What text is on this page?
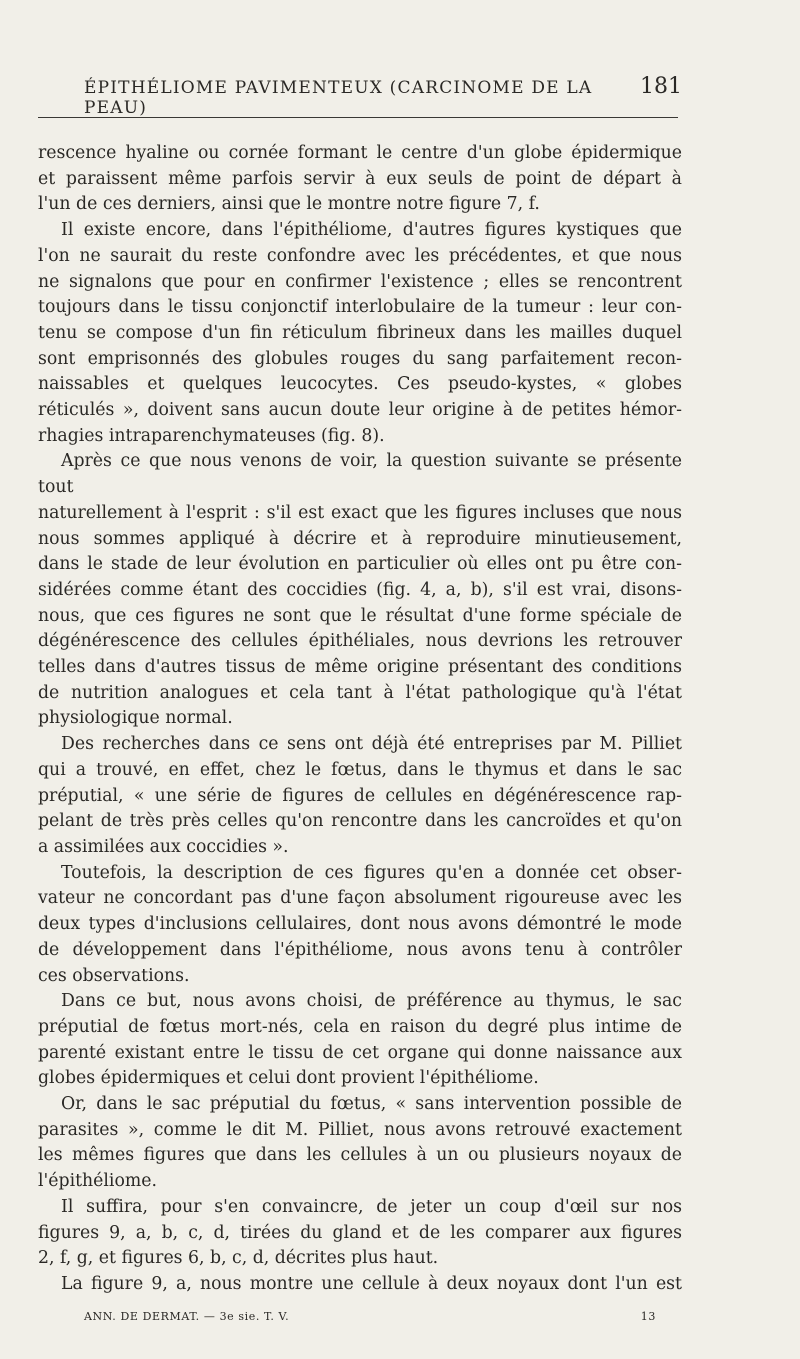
ÉPITHÉLIOME PAVIMENTEUX (CARCINOME DE LA PEAU)
181

rescence hyaline ou cornée formant le centre d'un globe épidermique

et paraissent même parfois servir à eux seuls de point de départ à

l'un de ces derniers, ainsi que le montre notre figure 7, f.

Il existe encore, dans l'épithéliome, d'autres figures kystiques que

l'on ne saurait du reste confondre avec les précédentes, et que nous

ne signalons que pour en confirmer l'existence ; elles se rencontrent

toujours dans le tissu conjonctif interlobulaire de la tumeur : leur con-

tenu se compose d'un fin réticulum fibrineux dans les mailles duquel

sont emprisonnés des globules rouges du sang parfaitement recon-

naissables et quelques leucocytes. Ces pseudo-kystes, « globes

réticulés », doivent sans aucun doute leur origine à de petites hémor-

rhagies intraparenchymateuses (fig. 8).

Après ce que nous venons de voir, la question suivante se présente tout

naturellement à l'esprit : s'il est exact que les figures incluses que nous

nous sommes appliqué à décrire et à reproduire minutieusement,

dans le stade de leur évolution en particulier où elles ont pu être con-

sidérées comme étant des coccidies (fig. 4, a, b), s'il est vrai, disons-

nous, que ces figures ne sont que le résultat d'une forme spéciale de

dégénérescence des cellules épithéliales, nous devrions les retrouver

telles dans d'autres tissus de même origine présentant des conditions

de nutrition analogues et cela tant à l'état pathologique qu'à l'état

physiologique normal.

Des recherches dans ce sens ont déjà été entreprises par M. Pilliet

qui a trouvé, en effet, chez le fœtus, dans le thymus et dans le sac

préputial, « une série de figures de cellules en dégénérescence rap-

pelant de très près celles qu'on rencontre dans les cancroïdes et qu'on

a assimilées aux coccidies ».

Toutefois, la description de ces figures qu'en a donnée cet obser-

vateur ne concordant pas d'une façon absolument rigoureuse avec les

deux types d'inclusions cellulaires, dont nous avons démontré le mode

de développement dans l'épithéliome, nous avons tenu à contrôler

ces observations.

Dans ce but, nous avons choisi, de préférence au thymus, le sac

préputial de fœtus mort-nés, cela en raison du degré plus intime de

parenté existant entre le tissu de cet organe qui donne naissance aux

globes épidermiques et celui dont provient l'épithéliome.

Or, dans le sac préputial du fœtus, « sans intervention possible de

parasites », comme le dit M. Pilliet, nous avons retrouvé exactement

les mêmes figures que dans les cellules à un ou plusieurs noyaux de

l'épithéliome.

Il suffira, pour s'en convaincre, de jeter un coup d'œil sur nos

figures 9, a, b, c, d, tirées du gland et de les comparer aux figures

2, f, g, et figures 6, b, c, d, décrites plus haut.

La figure 9, a, nous montre une cellule à deux noyaux dont l'un est

ANN. DE DERMAT. — 3e sie. T. V.	13
